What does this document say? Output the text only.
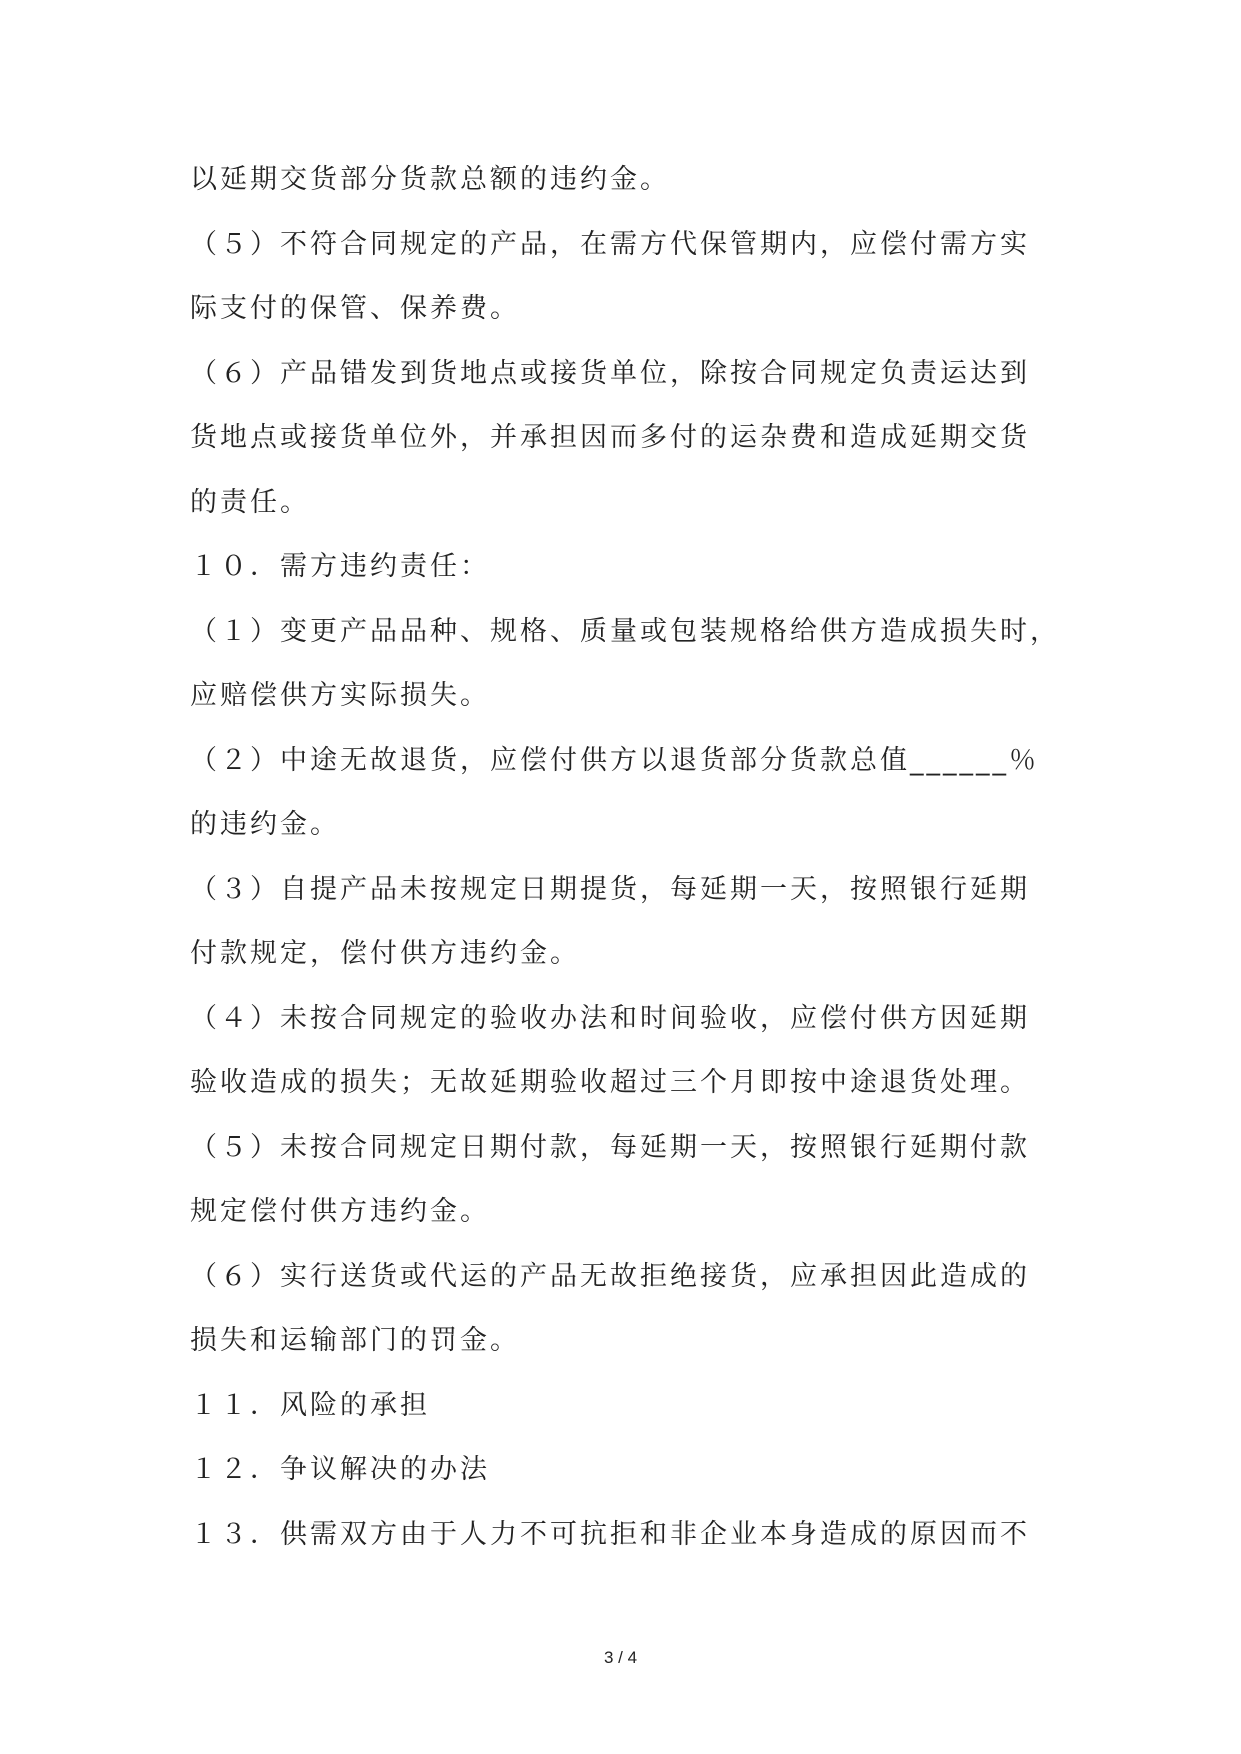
以延期交货部分货款总额的违约金。
（５）不符合同规定的产品，在需方代保管期内，应偿付需方实
际支付的保管、保养费。
（６）产品错发到货地点或接货单位，除按合同规定负责运达到
货地点或接货单位外，并承担因而多付的运杂费和造成延期交货
的责任。
１０．需方违约责任：
（１）变更产品品种、规格、质量或包装规格给供方造成损失时，
应赔偿供方实际损失。
（２）中途无故退货，应偿付供方以退货部分货款总值______％
的违约金。
（３）自提产品未按规定日期提货，每延期一天，按照银行延期
付款规定，偿付供方违约金。
（４）未按合同规定的验收办法和时间验收，应偿付供方因延期
验收造成的损失；无故延期验收超过三个月即按中途退货处理。
（５）未按合同规定日期付款，每延期一天，按照银行延期付款
规定偿付供方违约金。
（６）实行送货或代运的产品无故拒绝接货，应承担因此造成的
损失和运输部门的罚金。
１１．风险的承担
１２．争议解决的办法
１３．供需双方由于人力不可抗拒和非企业本身造成的原因而不
3 / 4
